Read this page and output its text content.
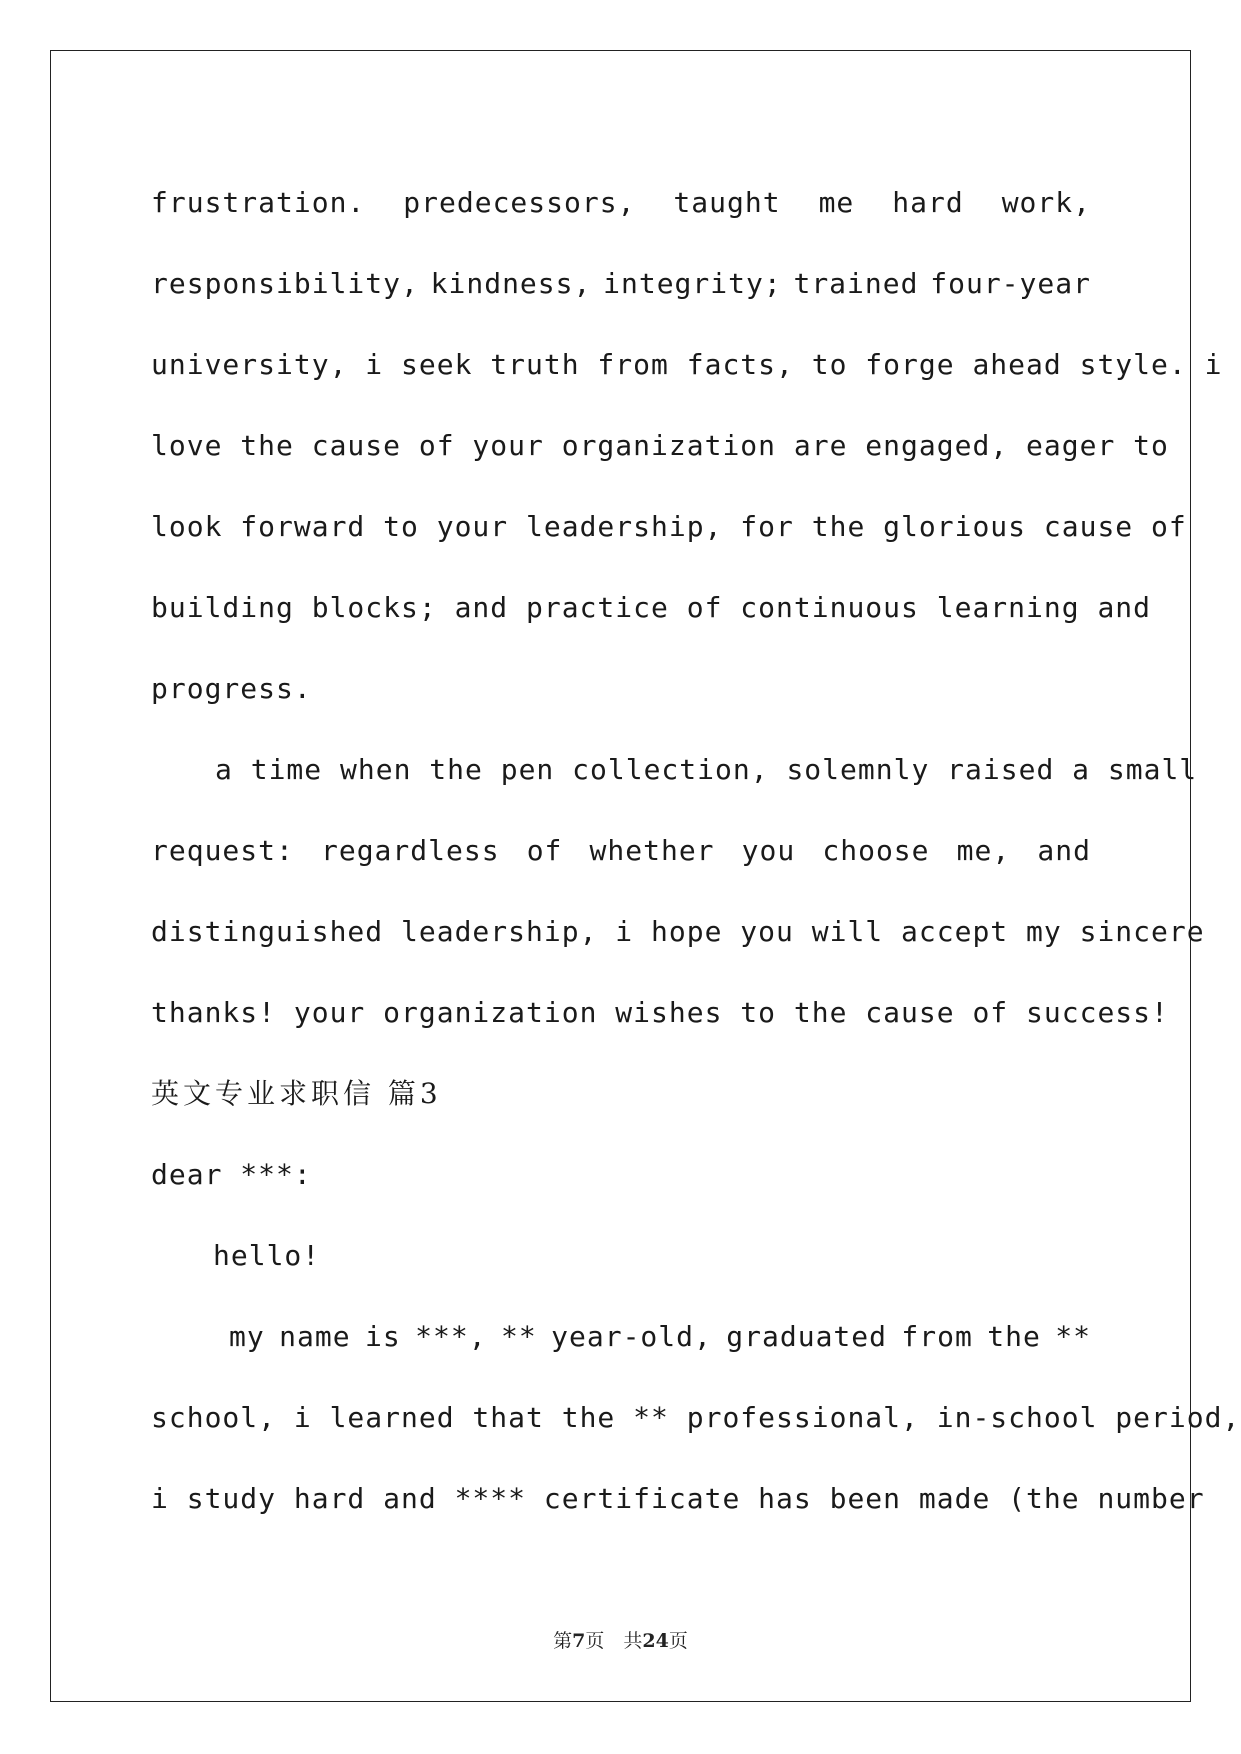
frustration. predecessors, taught me hard work,
responsibility, kindness, integrity; trained four-year
university, i seek truth from facts, to forge ahead style. i
love the cause of your organization are engaged, eager to
look forward to your leadership, for the glorious cause of
building blocks; and practice of continuous learning and
progress.
a time when the pen collection, solemnly raised a small
request: regardless of whether you choose me, and
distinguished leadership, i hope you will accept my sincere
thanks! your organization wishes to the cause of success!
英文专业求职信 篇3
dear ***:
hello!
my name is ***, ** year-old, graduated from the **
school, i learned that the ** professional, in-school period,
i study hard and **** certificate has been made (the number
第7页　共24页
